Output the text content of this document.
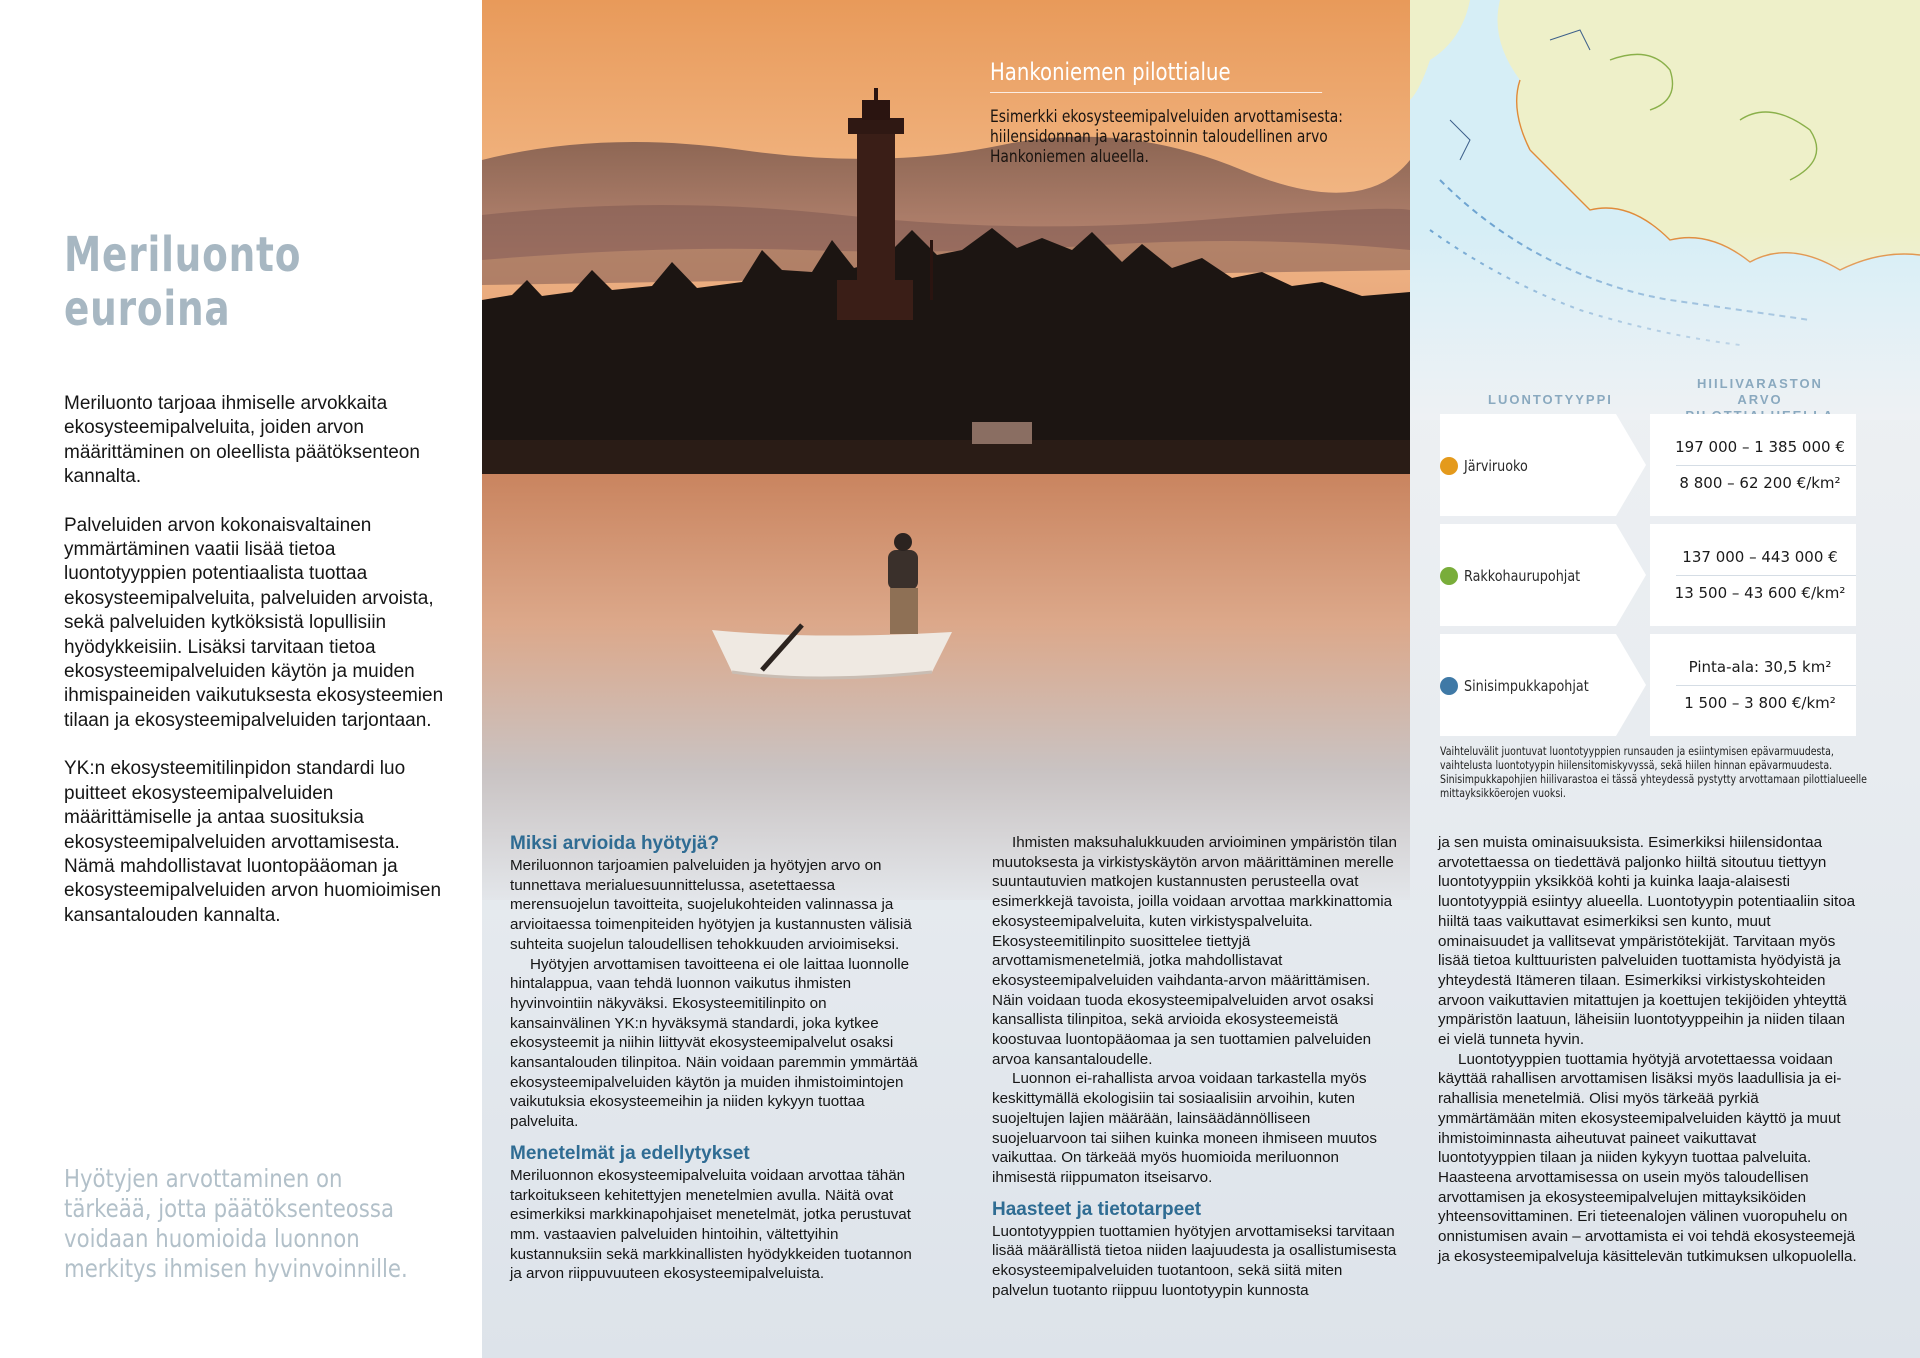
Meriluonto
euroina

Meriluonto tarjoaa ihmiselle arvokkaita ekosysteemipalveluita, joiden arvon määrittäminen on oleellista päätöksenteon kannalta.

Palveluiden arvon kokonaisvaltainen ymmärtäminen vaatii lisää tietoa luontotyyppien potentiaalista tuottaa ekosysteemipalveluita, palveluiden arvoista, sekä palveluiden kytköksistä lopullisiin hyödykkeisiin. Lisäksi tarvitaan tietoa ekosysteemipalveluiden käytön ja muiden ihmispaineiden vaikutuksesta ekosysteemien tilaan ja ekosysteemipalveluiden tarjontaan.

YK:n ekosysteemitilinpidon standardi luo puitteet ekosysteemipalveluiden määrittämiselle ja antaa suosituksia ekosysteemipalveluiden arvottamisesta. Nämä mahdollistavat luontopääoman ja ekosysteemipalveluiden arvon huomioimisen kansantalouden kannalta.

Hyötyjen arvottaminen on tärkeää, jotta päätöksenteossa voidaan huomioida luonnon merkitys ihmisen hyvinvoinnille.
Hankoniemen pilottialue
Esimerkki ekosysteemipalveluiden arvottamisesta: hiilensidonnan ja varastoinnin taloudellinen arvo Hankoniemen alueella.
LUONTOTYYPPI
HIILIVARASTON
ARVO
Järviruoko
197 000 – 1 385 000 €
8 800 – 62 200 €/km²
Rakkohaurupohjat
137 000 – 443 000 €
13 500 – 43 600 €/km²
Sinisimpukkapohjat
Pinta-ala: 30,5 km²
1 500 – 3 800 €/km²
Vaihteluvälit juontuvat luontotyyppien runsauden ja esiintymisen epävarmuudesta, vaihtelusta luontotyypin hiilensitomiskyvyssä, sekä hiilen hinnan epävarmuudesta. Sinisimpukkapohjien hiilivarastoa ei tässä yhteydessä pystytty arvottamaan pilottialueelle mittayksikköerojen vuoksi.
Miksi arvioida hyötyjä?

Meriluonnon tarjoamien palveluiden ja hyötyjen arvo on tunnettava merialuesuunnittelussa, asetettaessa merensuojelun tavoitteita, suojelukohteiden valinnassa ja arvioitaessa toimenpiteiden hyötyjen ja kustannusten välisiä suhteita suojelun taloudellisen tehokkuuden arvioimiseksi.

Hyötyjen arvottamisen tavoitteena ei ole laittaa luonnolle hintalappua, vaan tehdä luonnon vaikutus ihmisten hyvinvointiin näkyväksi. Ekosysteemitilinpito on kansainvälinen YK:n hyväksymä standardi, joka kytkee ekosysteemit ja niihin liittyvät ekosysteemipalvelut osaksi kansantalouden tilinpitoa. Näin voidaan paremmin ymmärtää ekosysteemipalveluiden käytön ja muiden ihmistoimintojen vaikutuksia ekosysteemeihin ja niiden kykyyn tuottaa palveluita.

Menetelmät ja edellytykset

Meriluonnon ekosysteemipalveluita voidaan arvottaa tähän tarkoitukseen kehitettyjen menetelmien avulla. Näitä ovat esimerkiksi markkinapohjaiset menetelmät, jotka perustuvat mm. vastaavien palveluiden hintoihin, vältettyihin kustannuksiin sekä markkinallisten hyödykkeiden tuotannon ja arvon riippuvuuteen ekosysteemipalveluista.

Ihmisten maksuhalukkuuden arvioiminen ympäristön tilan muutoksesta ja virkistyskäytön arvon määrittäminen merelle suuntautuvien matkojen kustannusten perusteella ovat esimerkkejä tavoista, joilla voidaan arvottaa markkinattomia ekosysteemipalveluita, kuten virkistyspalveluita. Ekosysteemitilinpito suosittelee tiettyjä arvottamismenetelmiä, jotka mahdollistavat ekosysteemipalveluiden vaihdanta-arvon määrittämisen. Näin voidaan tuoda ekosysteemipalveluiden arvot osaksi kansallista tilinpitoa, sekä arvioida ekosysteemeistä koostuvaa luontopääomaa ja sen tuottamien palveluiden arvoa kansantaloudelle.

Luonnon ei-rahallista arvoa voidaan tarkastella myös keskittymällä ekologisiin tai sosiaalisiin arvoihin, kuten suojeltujen lajien määrään, lainsäädännölliseen suojeluarvoon tai siihen kuinka moneen ihmiseen muutos vaikuttaa. On tärkeää myös huomioida meriluonnon ihmisestä riippumaton itseisarvo.

Haasteet ja tietotarpeet

Luontotyyppien tuottamien hyötyjen arvottamiseksi tarvitaan lisää määrällistä tietoa niiden laajuudesta ja osallistumisesta ekosysteemipalveluiden tuotantoon, sekä siitä miten palvelun tuotanto riippuu luontotyypin kunnosta

ja sen muista ominaisuuksista. Esimerkiksi hiilensidontaa arvotettaessa on tiedettävä paljonko hiiltä sitoutuu tiettyyn luontotyyppiin yksikköä kohti ja kuinka laaja-alaisesti luontotyyppiä esiintyy alueella. Luontotyypin potentiaaliin sitoa hiiltä taas vaikuttavat esimerkiksi sen kunto, muut ominaisuudet ja vallitsevat ympäristötekijät. Tarvitaan myös lisää tietoa kulttuuristen palveluiden tuottamista hyödyistä ja yhteydestä Itämeren tilaan. Esimerkiksi virkistyskohteiden arvoon vaikuttavien mitattujen ja koettujen tekijöiden yhteyttä ympäristön laatuun, läheisiin luontotyyppeihin ja niiden tilaan ei vielä tunneta hyvin.

Luontotyyppien tuottamia hyötyjä arvotettaessa voidaan käyttää rahallisen arvottamisen lisäksi myös laadullisia ja ei-rahallisia menetelmiä. Olisi myös tärkeää pyrkiä ymmärtämään miten ekosysteemipalveluiden käyttö ja muut ihmistoiminnasta aiheutuvat paineet vaikuttavat luontotyyppien tilaan ja niiden kykyyn tuottaa palveluita. Haasteena arvottamisessa on usein myös taloudellisen arvottamisen ja ekosysteemipalvelujen mittayksiköiden yhteensovittaminen. Eri tieteenalojen välinen vuoropuhelu on onnistumisen avain – arvottamista ei voi tehdä ekosysteemejä ja ekosysteemipalveluja käsittelevän tutkimuksen ulkopuolella.
